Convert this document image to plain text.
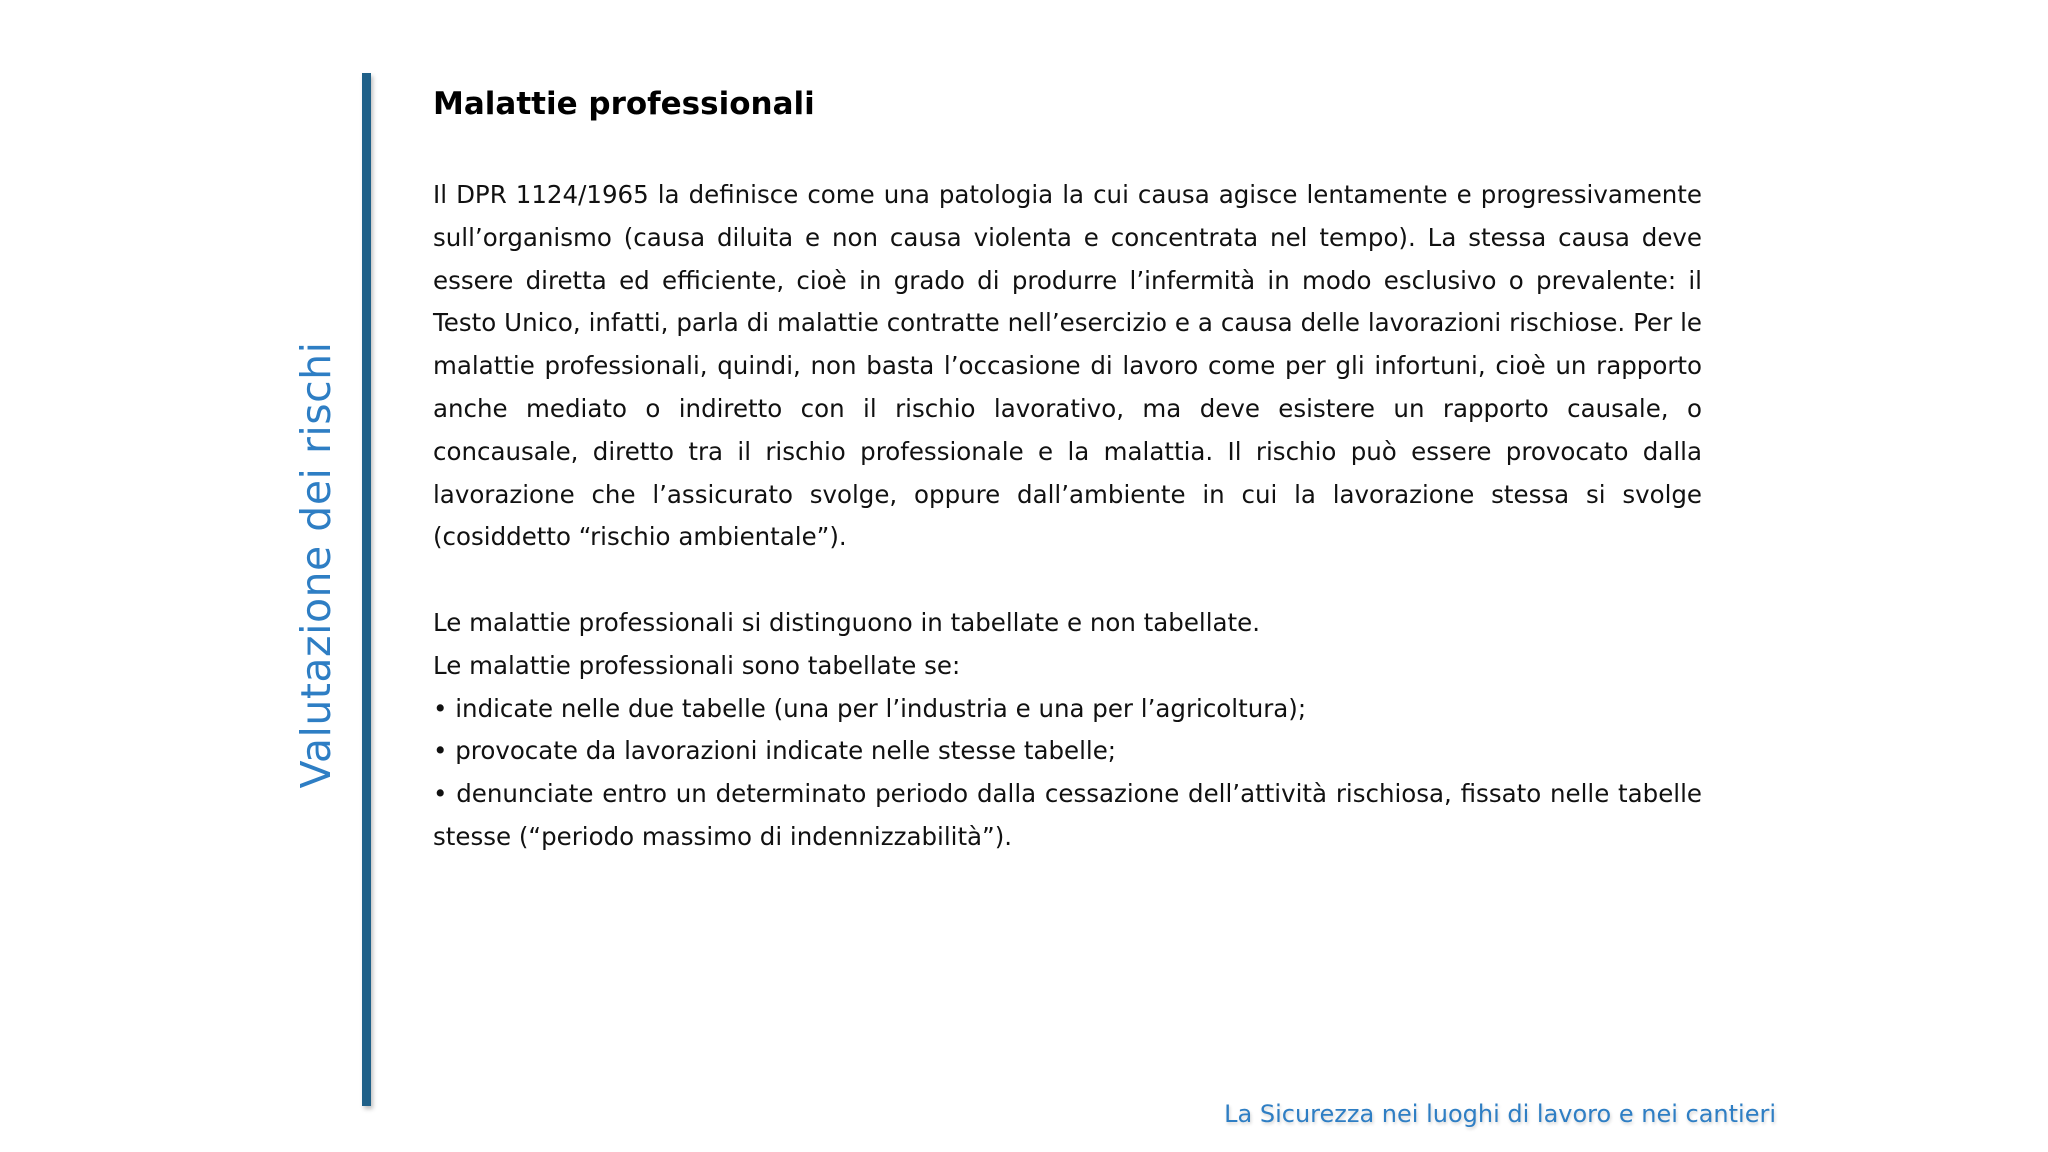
Valutazione dei rischi
Malattie professionali

Il DPR 1124/1965 la definisce come una patologia la cui causa agisce lentamente e progressivamente sull’organismo (causa diluita e non causa violenta e concentrata nel tempo). La stessa causa deve essere diretta ed efficiente, cioè in grado di produrre l’infermità in modo esclusivo o prevalente: il Testo Unico, infatti, parla di malattie contratte nell’esercizio e a causa delle lavorazioni rischiose. Per le malattie professionali, quindi, non basta l’occasione di lavoro come per gli infortuni, cioè un rapporto anche mediato o indiretto con il rischio lavorativo, ma deve esistere un rapporto causale, o concausale, diretto tra il rischio professionale e la malattia. Il rischio può essere provocato dalla lavorazione che l’assicurato svolge, oppure dall’ambiente in cui la lavorazione stessa si svolge (cosiddetto “rischio ambientale”).

Le malattie professionali si distinguono in tabellate e non tabellate.

Le malattie professionali sono tabellate se:

• indicate nelle due tabelle (una per l’industria e una per l’agricoltura);

• provocate da lavorazioni indicate nelle stesse tabelle;

• denunciate entro un determinato periodo dalla cessazione dell’attività rischiosa, fissato nelle tabelle stesse (“periodo massimo di indennizzabilità”).

La Sicurezza nei luoghi di lavoro e nei cantieri
